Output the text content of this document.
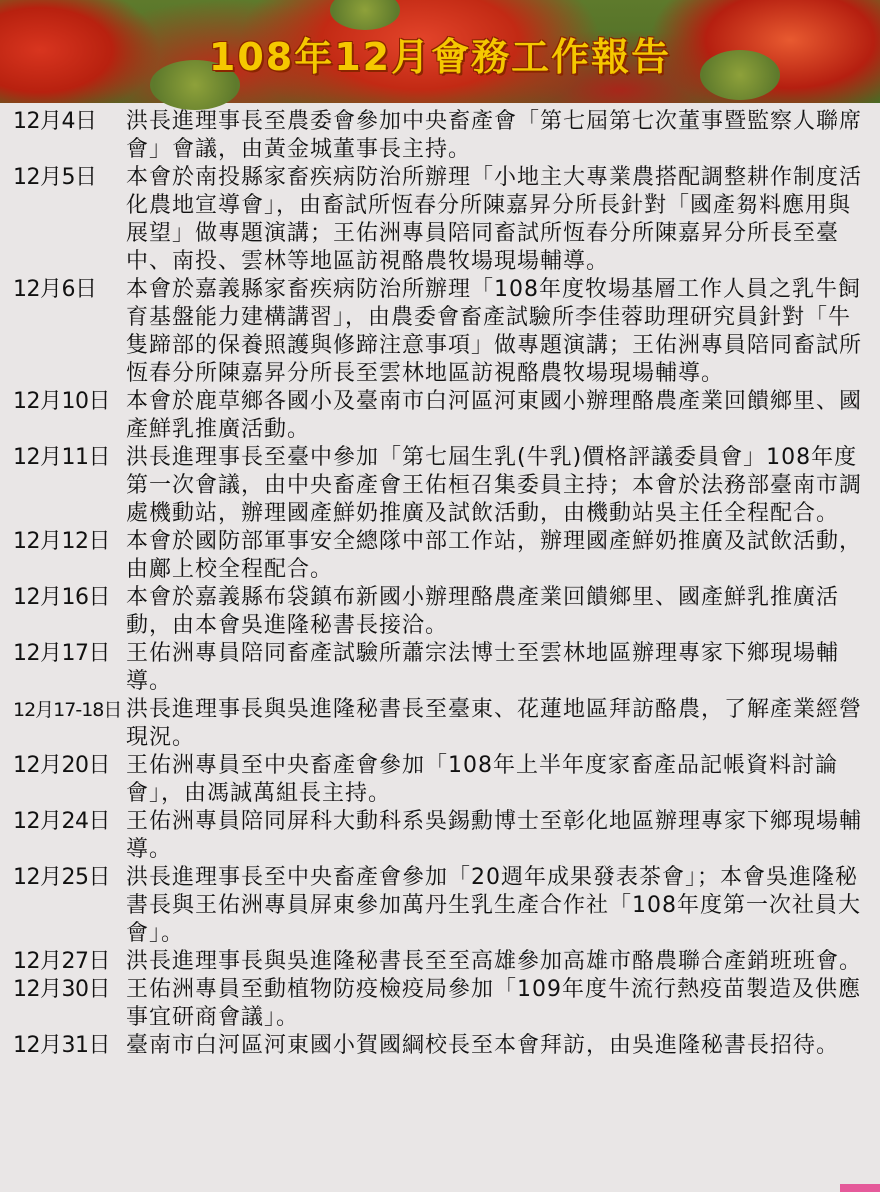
108年12月會務工作報告
12月4日	洪長進理事長至農委會參加中央畜產會「第七屆第七次董事暨監察人聯席會」會議，由黃金城董事長主持。
12月5日	本會於南投縣家畜疾病防治所辦理「小地主大專業農搭配調整耕作制度活化農地宣導會」，由畜試所恆春分所陳嘉昇分所長針對「國產芻料應用與展望」做專題演講；王佑洲專員陪同畜試所恆春分所陳嘉昇分所長至臺中、南投、雲林等地區訪視酪農牧場現場輔導。
12月6日	本會於嘉義縣家畜疾病防治所辦理「108年度牧場基層工作人員之乳牛飼育基盤能力建構講習」，由農委會畜產試驗所李佳蓉助理研究員針對「牛隻蹄部的保養照護與修蹄注意事項」做專題演講；王佑洲專員陪同畜試所恆春分所陳嘉昇分所長至雲林地區訪視酪農牧場現場輔導。
12月10日 本會於鹿草鄉各國小及臺南市白河區河東國小辦理酪農產業回饋鄉里、國產鮮乳推廣活動。
12月11日 洪長進理事長至臺中參加「第七屆生乳(牛乳)價格評議委員會」108年度第一次會議，由中央畜產會王佑桓召集委員主持；本會於法務部臺南市調處機動站，辦理國產鮮奶推廣及試飲活動，由機動站吳主任全程配合。
12月12日 本會於國防部軍事安全總隊中部工作站，辦理國產鮮奶推廣及試飲活動，由鄺上校全程配合。
12月16日 本會於嘉義縣布袋鎮布新國小辦理酪農產業回饋鄉里、國產鮮乳推廣活動，由本會吳進隆秘書長接洽。
12月17日 王佑洲專員陪同畜產試驗所蕭宗法博士至雲林地區辦理專家下鄉現場輔導。
12月17-18日 洪長進理事長與吳進隆秘書長至臺東、花蓮地區拜訪酪農，了解產業經營現況。
12月20日 王佑洲專員至中央畜產會參加「108年上半年度家畜產品記帳資料討論會」，由馮誠萬組長主持。
12月24日 王佑洲專員陪同屏科大動科系吳錫勳博士至彰化地區辦理專家下鄉現場輔導。
12月25日 洪長進理事長至中央畜產會參加「20週年成果發表茶會」；本會吳進隆秘書長與王佑洲專員屏東參加萬丹生乳生產合作社「108年度第一次社員大會」。
12月27日 洪長進理事長與吳進隆秘書長至至高雄參加高雄市酪農聯合產銷班班會。
12月30日 王佑洲專員至動植物防疫檢疫局參加「109年度牛流行熱疫苗製造及供應事宜研商會議」。
12月31日 臺南市白河區河東國小賀國綱校長至本會拜訪，由吳進隆秘書長招待。
